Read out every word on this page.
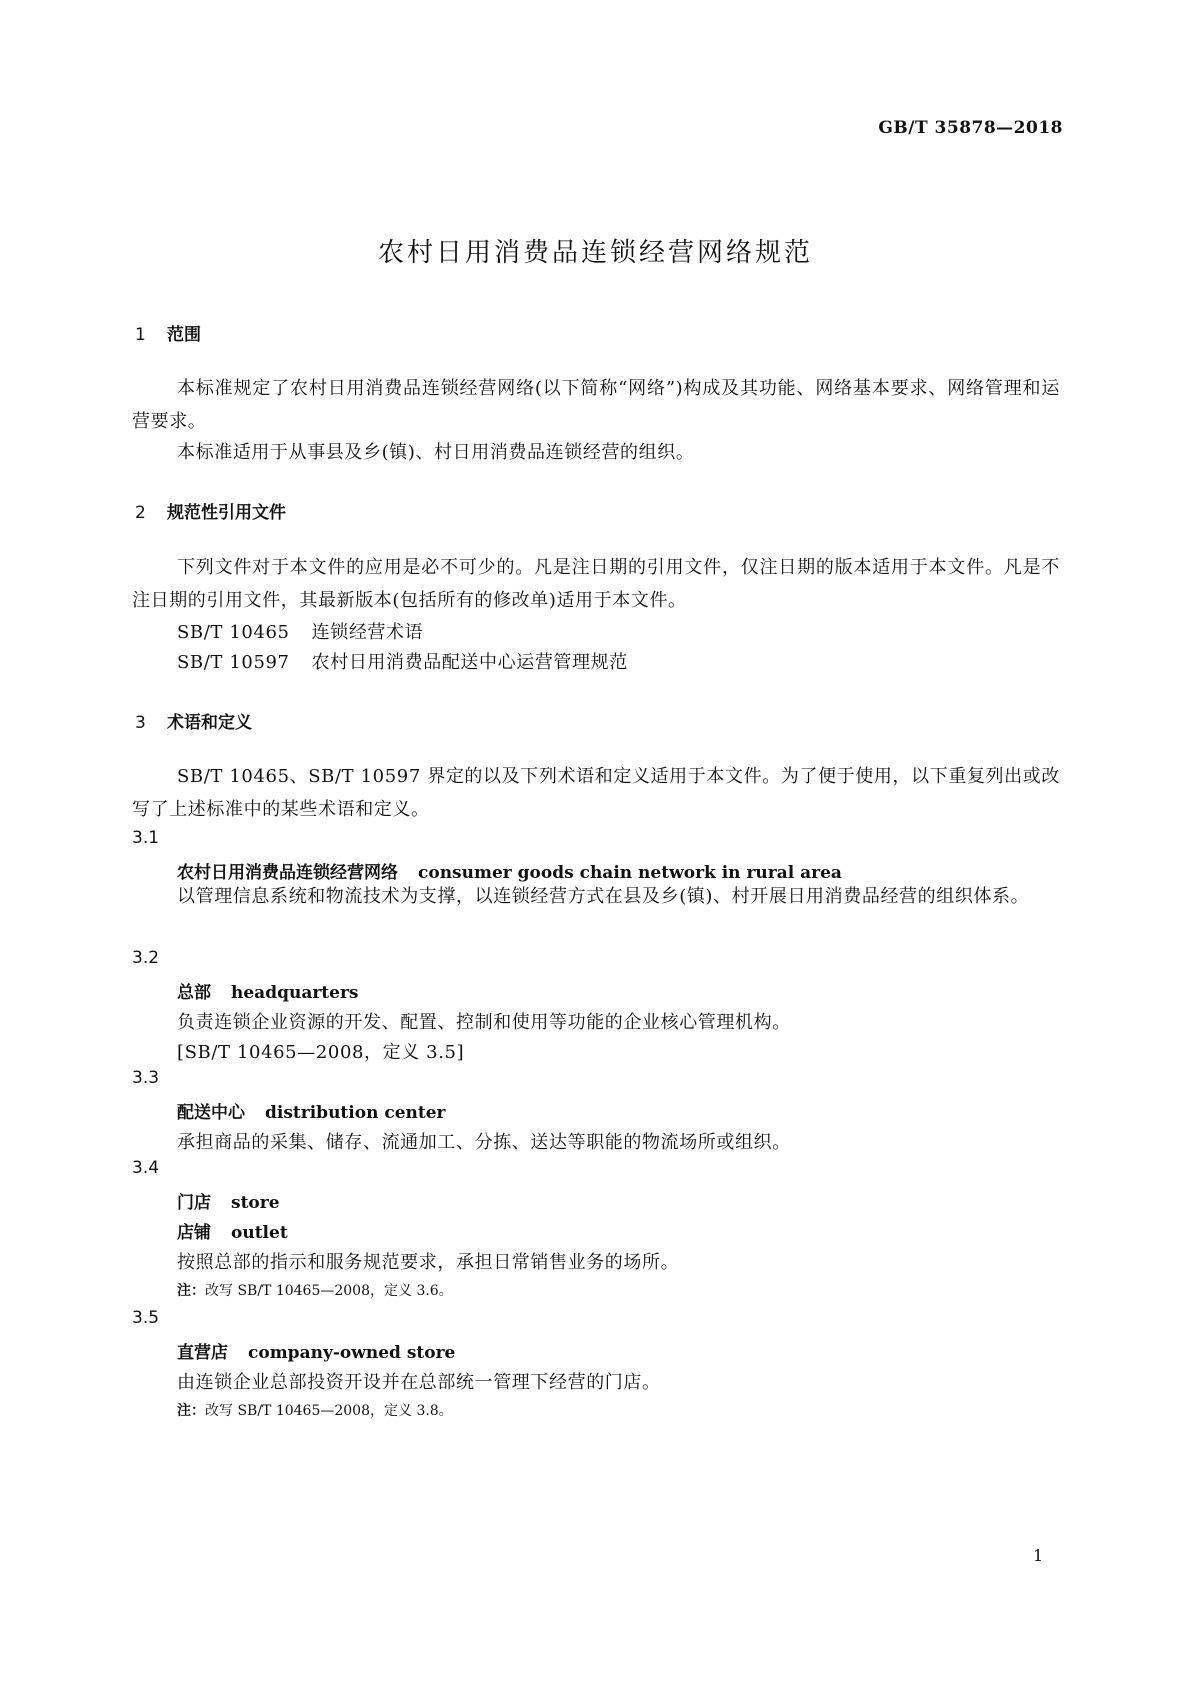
GB/T 35878—2018
农村日用消费品连锁经营网络规范
1 范围
本标准规定了农村日用消费品连锁经营网络(以下简称“网络”)构成及其功能、网络基本要求、网络管理和运营要求。
本标准适用于从事县及乡(镇)、村日用消费品连锁经营的组织。
2 规范性引用文件
下列文件对于本文件的应用是必不可少的。凡是注日期的引用文件，仅注日期的版本适用于本文件。凡是不注日期的引用文件，其最新版本(包括所有的修改单)适用于本文件。
SB/T 10465 连锁经营术语
SB/T 10597 农村日用消费品配送中心运营管理规范
3 术语和定义
SB/T 10465、SB/T 10597 界定的以及下列术语和定义适用于本文件。为了便于使用，以下重复列出或改写了上述标准中的某些术语和定义。
3.1
农村日用消费品连锁经营网络 consumer goods chain network in rural area
以管理信息系统和物流技术为支撑，以连锁经营方式在县及乡(镇)、村开展日用消费品经营的组织体系。
3.2
总部 headquarters
负责连锁企业资源的开发、配置、控制和使用等功能的企业核心管理机构。
[SB/T 10465—2008，定义 3.5]
3.3
配送中心 distribution center
承担商品的采集、储存、流通加工、分拣、送达等职能的物流场所或组织。
3.4
门店 store
店铺 outlet
按照总部的指示和服务规范要求，承担日常销售业务的场所。
注：改写 SB/T 10465—2008，定义 3.6。
3.5
直营店 company-owned store
由连锁企业总部投资开设并在总部统一管理下经营的门店。
注：改写 SB/T 10465—2008，定义 3.8。
1
